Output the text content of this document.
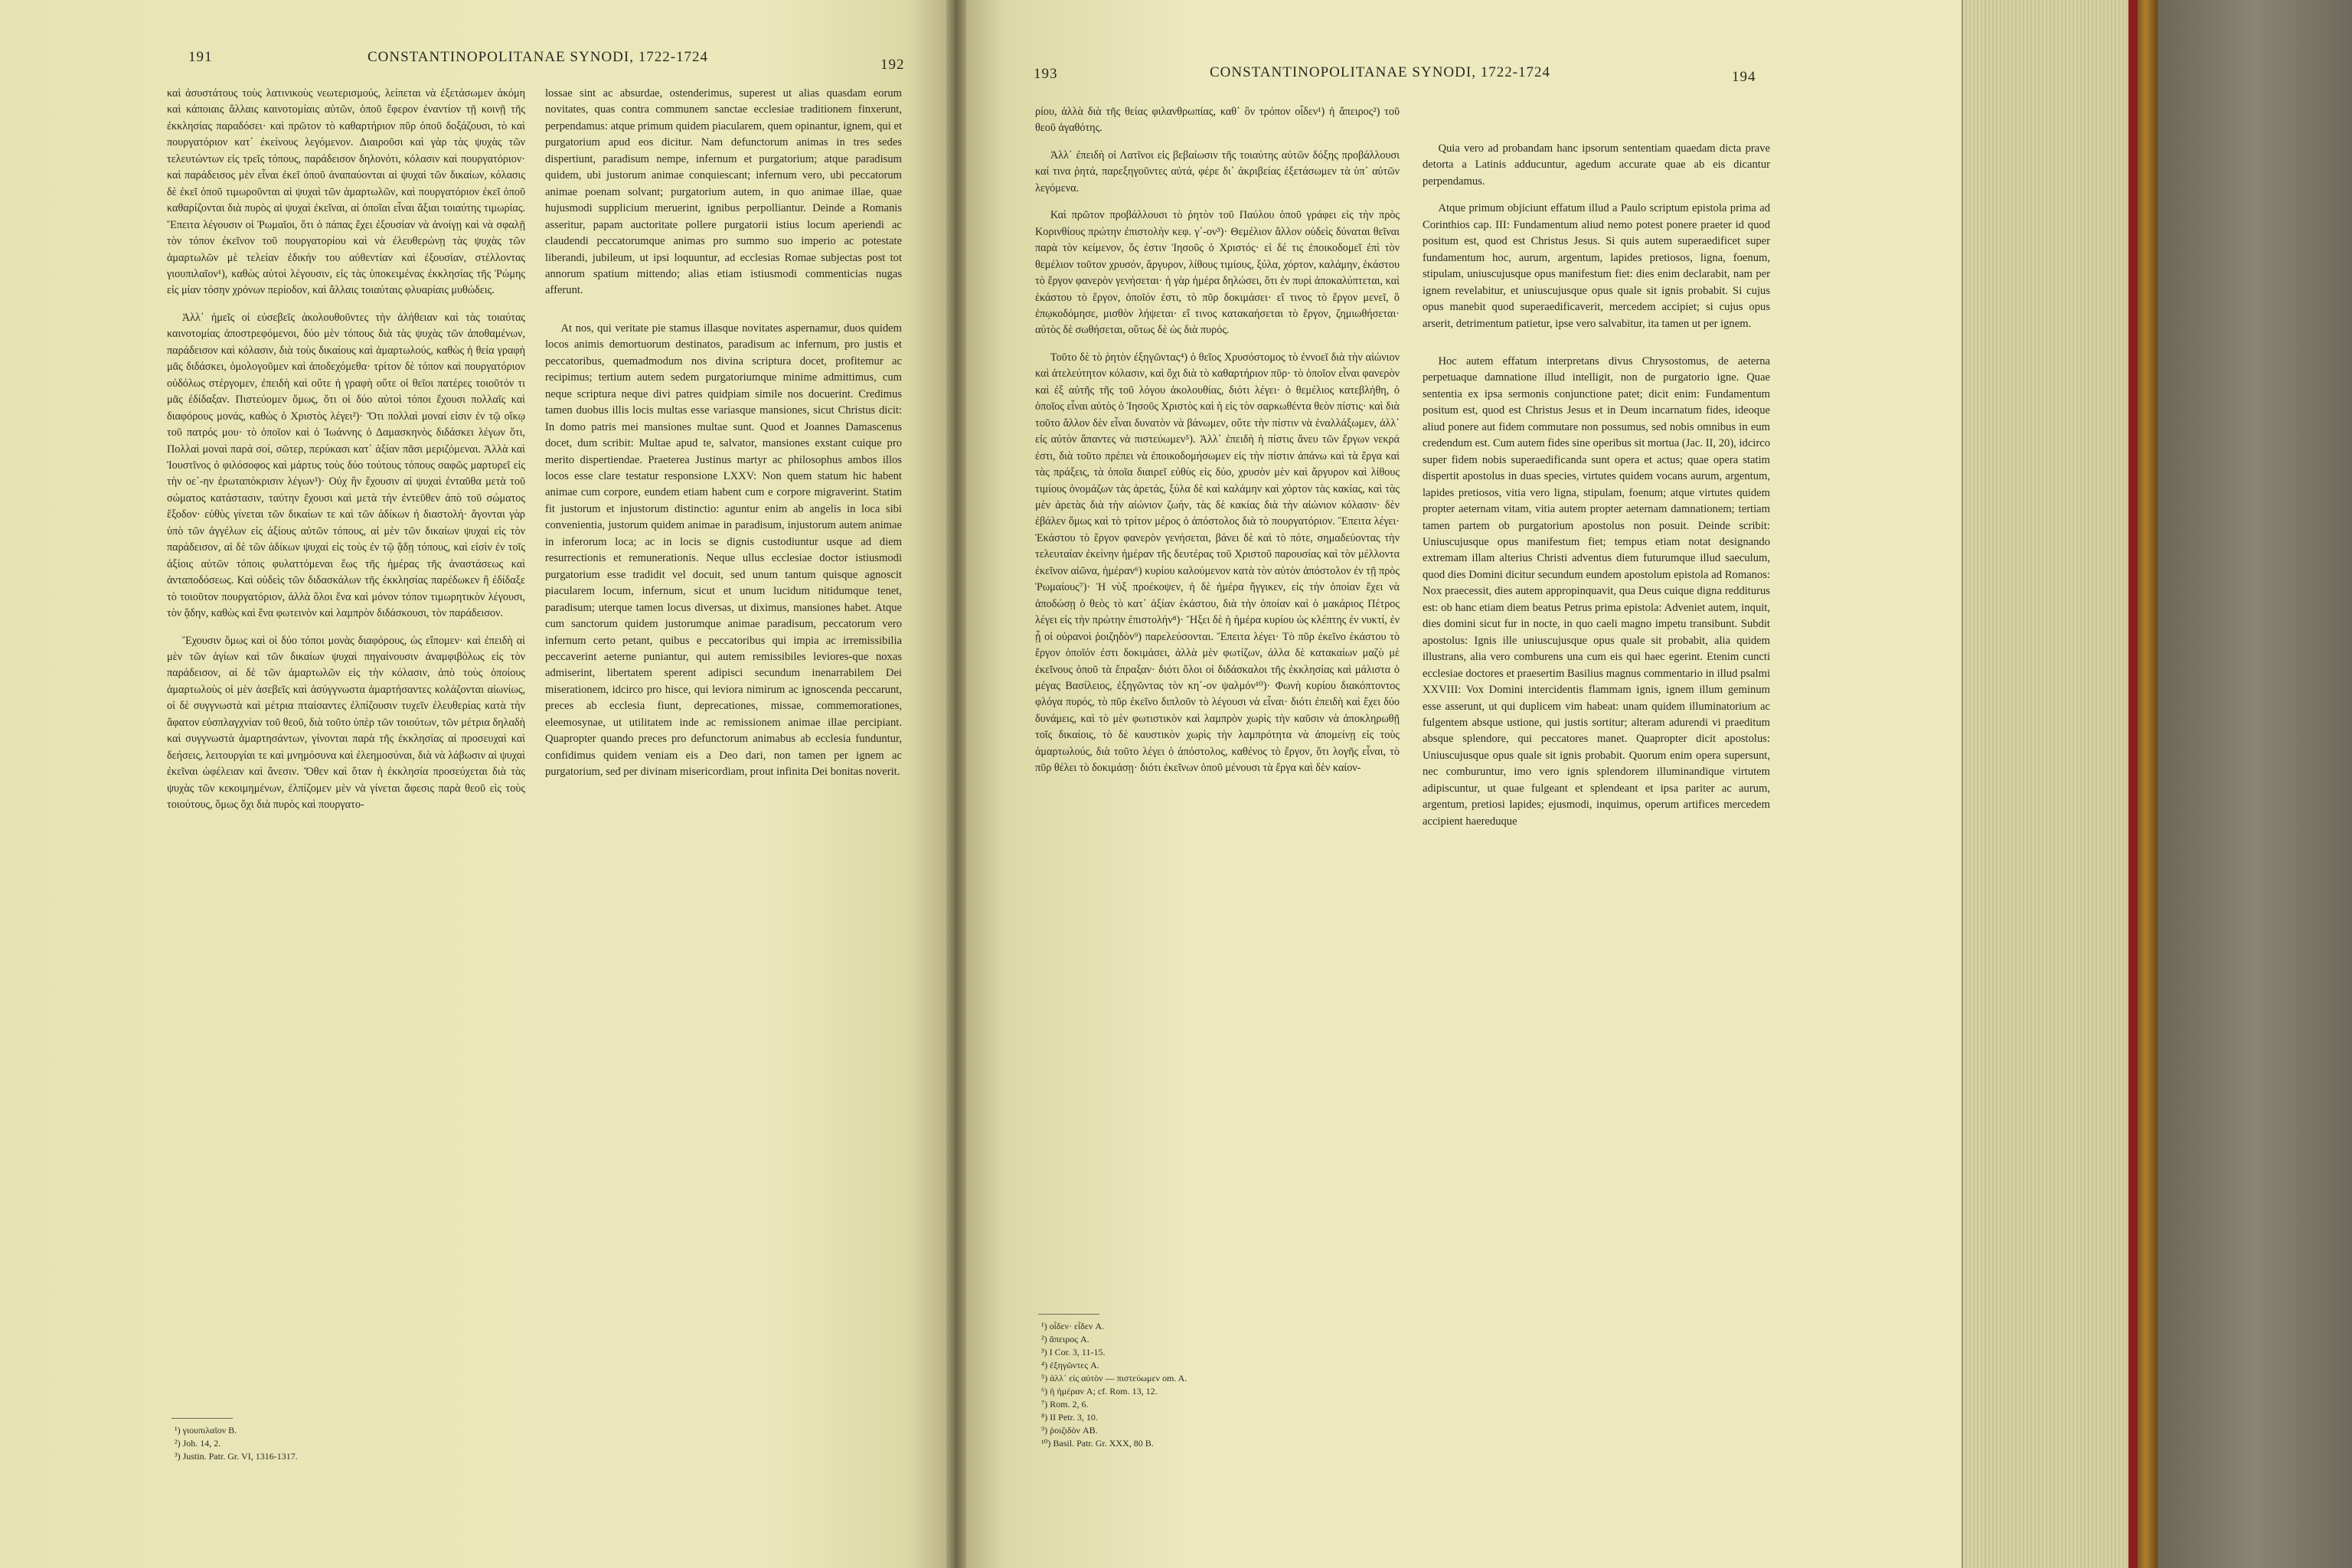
191	CONSTANTINOPOLITANAE SYNODI, 1722-1724	192

καὶ ἀσυστάτους τοὺς λατινικοὺς νεωτερισμούς, λείπεται νὰ ἐξετάσωμεν ἀκόμη καὶ κάποιαις ἄλλαις καινοτομίαις αὐτῶν, ὁποῦ ἔφερον ἐναντίον τῇ κοινῇ τῆς ἐκκλησίας παραδόσει· καὶ πρῶτον τὸ καθαρτήριον πῦρ ὁποῦ δοξάζουσι, τὸ καὶ πουργατόριον κατ᾽ ἐκείνους λεγόμενον. Διαιροῦσι καὶ γὰρ τὰς ψυχὰς τῶν τελευτώντων εἰς τρεῖς τόπους, παράδεισον δηλονότι, κόλασιν καὶ πουργατόριον· καὶ παράδεισος μὲν εἶναι ἐκεῖ ὁποῦ ἀναπαύονται αἱ ψυχαὶ τῶν δικαίων, κόλασις δὲ ἐκεῖ ὁποῦ τιμωροῦνται αἱ ψυχαὶ τῶν ἁμαρτωλῶν, καὶ πουργατόριον ἐκεῖ ὁποῦ καθαρίζονται διὰ πυρὸς αἱ ψυχαὶ ἐκεῖναι, αἱ ὁποῖαι εἶναι ἄξιαι τοιαύτης τιμωρίας. Ἔπειτα λέγουσιν οἱ Ῥωμαῖοι, ὅτι ὁ πάπας ἔχει ἐξουσίαν νὰ ἀνοίγῃ καὶ νὰ σφαλῇ τὸν τόπον ἐκεῖνον τοῦ πουργατορίου καὶ νὰ ἐλευθερώνῃ τὰς ψυχὰς τῶν ἁμαρτωλῶν μὲ τελείαν ἐδικήν του αὐθεντίαν καὶ ἐξουσίαν, στέλλοντας γιουπιλαῖον¹), καθὼς αὐτοὶ λέγουσιν, εἰς τὰς ὑποκειμένας ἐκκλησίας τῆς Ῥώμης εἰς μίαν τόσην χρόνων περίοδον, καὶ ἄλλαις τοιαύταις φλυαρίαις μυθώδεις.

Ἀλλ᾽ ἡμεῖς οἱ εὐσεβεῖς ἀκολουθοῦντες τὴν ἀλήθειαν καὶ τὰς τοιαύτας καινοτομίας ἀποστρεφόμενοι, δύο μὲν τόπους διὰ τὰς ψυχὰς τῶν ἀποθαμένων, παράδεισον καὶ κόλασιν, διὰ τοὺς δικαίους καὶ ἁμαρτωλούς, καθὼς ἡ θεία γραφὴ μᾶς διδάσκει, ὁμολογοῦμεν καὶ ἀποδεχόμεθα· τρίτον δὲ τόπον καὶ πουργατόριον οὐδόλως στέργομεν, ἐπειδὴ καὶ οὔτε ἡ γραφὴ οὔτε οἱ θεῖοι πατέρες τοιοῦτόν τι μᾶς ἐδίδαξαν. Πιστεύομεν ὅμως, ὅτι οἱ δύο αὐτοὶ τόποι ἔχουσι πολλαῖς καὶ διαφόρους μονάς, καθὼς ὁ Χριστὸς λέγει²)· Ὅτι πολλαὶ μοναί εἰσιν ἐν τῷ οἴκῳ τοῦ πατρός μου· τὸ ὁποῖον καὶ ὁ Ἰωάννης ὁ Δαμασκηνὸς διδάσκει λέγων ὅτι, Πολλαὶ μοναὶ παρά σοί, σῶτερ, περύκασι κατ᾽ ἀξίαν πᾶσι μεριζόμεναι. Ἀλλὰ καὶ Ἰουστῖνος ὁ φιλόσοφος καὶ μάρτυς τοὺς δύο τούτους τόπους σαφῶς μαρτυρεῖ εἰς τὴν οε᾽-ην ἐρωταπόκρισιν λέγων³)· Οὐχ ἣν ἔχουσιν αἱ ψυχαὶ ἐνταῦθα μετὰ τοῦ σώματος κατάστασιν, ταύτην ἔχουσι καὶ μετὰ τὴν ἐντεῦθεν ἀπὸ τοῦ σώματος ἔξοδον· εὐθὺς γίνεται τῶν δικαίων τε καὶ τῶν ἀδίκων ἡ διαστολή· ἄγονται γὰρ ὑπὸ τῶν ἀγγέλων εἰς ἀξίους αὐτῶν τόπους, αἱ μὲν τῶν δικαίων ψυχαὶ εἰς τὸν παράδεισον, αἱ δὲ τῶν ἀδίκων ψυχαὶ εἰς τοὺς ἐν τῷ ᾅδῃ τόπους, καὶ εἰσὶν ἐν τοῖς ἀξίοις αὐτῶν τόποις φυλαττόμεναι ἕως τῆς ἡμέρας τῆς ἀναστάσεως καὶ ἀνταποδόσεως. Καὶ οὐδεὶς τῶν διδασκάλων τῆς ἐκκλησίας παρέδωκεν ἢ ἐδίδαξε τὸ τοιοῦτον πουργατόριον, ἀλλὰ ὅλοι ἕνα καὶ μόνον τόπον τιμωρητικὸν λέγουσι, τὸν ᾅδην, καθὼς καὶ ἕνα φωτεινὸν καὶ λαμπρὸν διδάσκουσι, τὸν παράδεισον.

Ἔχουσιν ὅμως καὶ οἱ δύο τόποι μονὰς διαφόρους, ὡς εἴπομεν· καὶ ἐπειδὴ αἱ μὲν τῶν ἁγίων καὶ τῶν δικαίων ψυχαὶ πηγαίνουσιν ἀναμφιβόλως εἰς τὸν παράδεισον, αἱ δὲ τῶν ἁμαρτωλῶν εἰς τὴν κόλασιν, ἀπὸ τοὺς ὁποίους ἁμαρτωλοὺς οἱ μὲν ἀσεβεῖς καὶ ἀσύγγνωστα ἁμαρτήσαντες κολάζονται αἰωνίως, οἱ δὲ συγγνωστὰ καὶ μέτρια πταίσαντες ἐλπίζουσιν τυχεῖν ἐλευθερίας κατὰ τὴν ἄφατον εὐσπλαγχνίαν τοῦ θεοῦ, διὰ τοῦτο ὑπὲρ τῶν τοιούτων, τῶν μέτρια δηλαδὴ καὶ συγγνωστὰ ἁμαρτησάντων, γίνονται παρὰ τῆς ἐκκλησίας αἱ προσευχαὶ καὶ δεήσεις, λειτουργίαι τε καὶ μνημόσυνα καὶ ἐλεημοσύναι, διὰ νὰ λάβωσιν αἱ ψυχαὶ ἐκεῖναι ὠφέλειαν καὶ ἄνεσιν. Ὅθεν καὶ ὅταν ἡ ἐκκλησία προσεύχεται διὰ τὰς ψυχὰς τῶν κεκοιμημένων, ἐλπίζομεν μὲν νὰ γίνεται ἄφεσις παρὰ θεοῦ εἰς τοὺς τοιούτους, ὅμως ὄχι διὰ πυρὸς καὶ πουργατο-

lossae sint ac absurdae, ostenderimus, superest ut alias quasdam eorum novitates, quas contra communem sanctae ecclesiae traditionem finxerunt, perpendamus: atque primum quidem piacularem, quem opinantur, ignem, qui et purgatorium apud eos dicitur. Nam defunctorum animas in tres sedes dispertiunt, paradisum nempe, infernum et purgatorium; atque paradisum quidem, ubi justorum animae conquiescant; infernum vero, ubi peccatorum animae poenam solvant; purgatorium autem, in quo animae illae, quae hujusmodi supplicium meruerint, ignibus perpolliantur. Deinde a Romanis asseritur, papam auctoritate pollere purgatorii istius locum aperiendi ac claudendi peccatorumque animas pro summo suo imperio ac potestate liberandi, jubileum, ut ipsi loquuntur, ad ecclesias Romae subjectas post tot annorum spatium mittendo; alias etiam istiusmodi commenticias nugas afferunt.

At nos, qui veritate pie stamus illasque novitates aspernamur, duos quidem locos animis demortuorum destinatos, paradisum ac infernum, pro justis et peccatoribus, quemadmodum nos divina scriptura docet, profitemur ac recipimus; tertium autem sedem purgatoriumque minime admittimus, cum neque scriptura neque divi patres quidpiam simile nos docuerint. Credimus tamen duobus illis locis multas esse variasque mansiones, sicut Christus dicit: In domo patris mei mansiones multae sunt. Quod et Joannes Damascenus docet, dum scribit: Multae apud te, salvator, mansiones exstant cuique pro merito dispertiendae. Praeterea Justinus martyr ac philosophus ambos illos locos esse clare testatur responsione LXXV: Non quem statum hic habent animae cum corpore, eundem etiam habent cum e corpore migraverint. Statim fit justorum et injustorum distinctio: aguntur enim ab angelis in loca sibi convenientia, justorum quidem animae in paradisum, injustorum autem animae in inferorum loca; ac in locis se dignis custodiuntur usque ad diem resurrectionis et remunerationis. Neque ullus ecclesiae doctor istiusmodi purgatorium esse tradidit vel docuit, sed unum tantum quisque agnoscit piacularem locum, infernum, sicut et unum lucidum nitidumque tenet, paradisum; uterque tamen locus diversas, ut diximus, mansiones habet. Atque cum sanctorum quidem justorumque animae paradisum, peccatorum vero infernum certo petant, quibus e peccatoribus qui impia ac irremissibilia peccaverint aeterne puniantur, qui autem remissibiles leviores-que noxas admiserint, libertatem sperent adipisci secundum inenarrabilem Dei miserationem, idcirco pro hisce, qui leviora nimirum ac ignoscenda peccarunt, preces ab ecclesia fiunt, deprecationes, missae, commemorationes, eleemosynae, ut utilitatem inde ac remissionem animae illae percipiant. Quapropter quando preces pro defunctorum animabus ab ecclesia funduntur, confidimus quidem veniam eis a Deo dari, non tamen per ignem ac purgatorium, sed per divinam misericordiam, prout infinita Dei bonitas noverit.

¹) γιουπιλαῖον B.
²) Joh. 14, 2.
³) Justin. Patr. Gr. VI, 1316-1317.
193	CONSTANTINOPOLITANAE SYNODI, 1722-1724	194

ρίου, ἀλλὰ διὰ τῆς θείας φιλανθρωπίας, καθ᾽ ὃν τρόπον οἶδεν¹) ἡ ἄπειρος²) τοῦ θεοῦ ἀγαθότης.

Ἀλλ᾽ ἐπειδὴ οἱ Λατῖνοι εἰς βεβαίωσιν τῆς τοιαύτης αὐτῶν δόξης προβάλλουσι καί τινα ῥητά, παρεξηγοῦντες αὐτά, φέρε δι᾽ ἀκριβείας ἐξετάσωμεν τὰ ὑπ᾽ αὐτῶν λεγόμενα.

Καὶ πρῶτον προβάλλουσι τὸ ῥητὸν τοῦ Παύλου ὁποῦ γράφει εἰς τὴν πρὸς Κορινθίους πρώτην ἐπιστολὴν κεφ. γ᾽-ον³)· Θεμέλιον ἄλλον οὐδεὶς δύναται θεῖναι παρὰ τὸν κείμενον, ὅς ἐστιν Ἰησοῦς ὁ Χριστός· εἰ δέ τις ἐποικοδομεῖ ἐπὶ τὸν θεμέλιον τοῦτον χρυσόν, ἄργυρον, λίθους τιμίους, ξύλα, χόρτον, καλάμην, ἑκάστου τὸ ἔργον φανερὸν γενήσεται· ἡ γὰρ ἡμέρα δηλώσει, ὅτι ἐν πυρὶ ἀποκαλύπτεται, καὶ ἑκάστου τὸ ἔργον, ὁποῖόν ἐστι, τὸ πῦρ δοκιμάσει· εἴ τινος τὸ ἔργον μενεῖ, ὃ ἐπῳκοδόμησε, μισθὸν λήψεται· εἴ τινος κατακαήσεται τὸ ἔργον, ζημιωθήσεται· αὐτὸς δὲ σωθήσεται, οὕτως δὲ ὡς διὰ πυρός.

Τοῦτο δὲ τὸ ῥητὸν ἐξηγῶντας⁴) ὁ θεῖος Χρυσόστομος τὸ ἐννοεῖ διὰ τὴν αἰώνιον καὶ ἀτελεύτητον κόλασιν, καὶ ὄχι διὰ τὸ καθαρτήριον πῦρ· τὸ ὁποῖον εἶναι φανερὸν καὶ ἐξ αὐτῆς τῆς τοῦ λόγου ἀκολουθίας, διότι λέγει· ὁ θεμέλιος κατεβλήθη, ὁ ὁποῖος εἶναι αὐτὸς ὁ Ἰησοῦς Χριστὸς καὶ ἡ εἰς τὸν σαρκωθέντα θεὸν πίστις· καὶ διὰ τοῦτο ἄλλον δὲν εἶναι δυνατὸν νὰ βάνωμεν, οὔτε τὴν πίστιν νὰ ἐναλλάξωμεν, ἀλλ᾽ εἰς αὐτὸν ἅπαντες νὰ πιστεύωμεν⁵). Ἀλλ᾽ ἐπειδὴ ἡ πίστις ἄνευ τῶν ἔργων νεκρά ἐστι, διὰ τοῦτο πρέπει νὰ ἐποικοδομήσωμεν εἰς τὴν πίστιν ἀπάνω καὶ τὰ ἔργα καὶ τὰς πράξεις, τὰ ὁποῖα διαιρεῖ εὐθὺς εἰς δύο, χρυσὸν μὲν καὶ ἄργυρον καὶ λίθους τιμίους ὀνομάζων τὰς ἀρετάς, ξύλα δὲ καὶ καλάμην καὶ χόρτον τὰς κακίας, καὶ τὰς μὲν ἀρετὰς διὰ τὴν αἰώνιον ζωήν, τὰς δὲ κακίας διὰ τὴν αἰώνιον κόλασιν· δὲν ἐβάλεν ὅμως καὶ τὸ τρίτον μέρος ὁ ἀπόστολος διὰ τὸ πουργατόριον. Ἔπειτα λέγει· Ἑκάστου τὸ ἔργον φανερὸν γενήσεται, βάνει δὲ καὶ τὸ πότε, σημαδεύοντας τὴν τελευταίαν ἐκείνην ἡμέραν τῆς δευτέρας τοῦ Χριστοῦ παρουσίας καὶ τὸν μέλλοντα ἐκεῖνον αἰῶνα, ἡμέραν⁶) κυρίου καλούμενον κατὰ τὸν αὐτὸν ἀπόστολον ἐν τῇ πρὸς Ῥωμαίους⁷)· Ἡ νὺξ προέκοψεν, ἡ δὲ ἡμέρα ἤγγικεν, εἰς τὴν ὁποίαν ἔχει νὰ ἀποδώσῃ ὁ θεὸς τὸ κατ᾽ ἀξίαν ἑκάστου, διὰ τὴν ὁποίαν καὶ ὁ μακάριος Πέτρος λέγει εἰς τὴν πρώτην ἐπιστολήν⁸)· Ἥξει δὲ ἡ ἡμέρα κυρίου ὡς κλέπτης ἐν νυκτί, ἐν ᾗ οἱ οὐρανοὶ ῥοιζηδὸν⁹) παρελεύσονται. Ἔπειτα λέγει· Τὸ πῦρ ἐκεῖνο ἑκάστου τὸ ἔργον ὁποῖόν ἐστι δοκιμάσει, ἀλλὰ μὲν φωτίζων, ἀλλα δὲ κατακαίων μαζὺ μὲ ἐκεῖνους ὁποῦ τὰ ἔπραξαν· διότι ὅλοι οἱ διδάσκαλοι τῆς ἐκκλησίας καὶ μάλιστα ὁ μέγας Βασίλειος, ἐξηγῶντας τὸν κη᾽-ον ψαλμόν¹⁰)· Φωνὴ κυρίου διακόπτοντος φλόγα πυρός, τὸ πῦρ ἐκεῖνο διπλοῦν τὸ λέγουσι νὰ εἶναι· διότι ἐπειδὴ καὶ ἔχει δύο δυνάμεις, καὶ τὸ μὲν φωτιστικὸν καὶ λαμπρὸν χωρὶς τὴν καῦσιν νὰ ἀποκληρωθῇ τοῖς δικαίοις, τὸ δὲ καυστικὸν χωρὶς τὴν λαμπρότητα νὰ ἀπομείνῃ εἰς τοὺς ἁμαρτωλούς, διὰ τοῦτο λέγει ὁ ἀπόστολος, καθένος τὸ ἔργον, ὅτι λογῆς εἶναι, τὸ πῦρ θέλει τὸ δοκιμάσῃ· διότι ἐκεῖνων ὁποῦ μένουσι τὰ ἔργα καὶ δὲν καίον-

Quia vero ad probandam hanc ipsorum sententiam quaedam dicta prave detorta a Latinis adducuntur, agedum accurate quae ab eis dicantur perpendamus.

Atque primum objiciunt effatum illud a Paulo scriptum epistola prima ad Corinthios cap. III: Fundamentum aliud nemo potest ponere praeter id quod positum est, quod est Christus Jesus. Si quis autem superaedificet super fundamentum hoc, aurum, argentum, lapides pretiosos, ligna, foenum, stipulam, uniuscujusque opus manifestum fiet: dies enim declarabit, nam per ignem revelabitur, et uniuscujusque opus quale sit ignis probabit. Si cujus opus manebit quod superaedificaverit, mercedem accipiet; si cujus opus arserit, detrimentum patietur, ipse vero salvabitur, ita tamen ut per ignem.

Hoc autem effatum interpretans divus Chrysostomus, de aeterna perpetuaque damnatione illud intelligit, non de purgatorio igne. Quae sententia ex ipsa sermonis conjunctione patet; dicit enim: Fundamentum positum est, quod est Christus Jesus et in Deum incarnatum fides, ideoque aliud ponere aut fidem commutare non possumus, sed nobis omnibus in eum credendum est. Cum autem fides sine operibus sit mortua (Jac. II, 20), idcirco super fidem nobis superaedificanda sunt opera et actus; quae opera statim dispertit apostolus in duas species, virtutes quidem vocans aurum, argentum, lapides pretiosos, vitia vero ligna, stipulam, foenum; atque virtutes quidem propter aeternam vitam, vitia autem propter aeternam damnationem; tertiam tamen partem ob purgatorium apostolus non posuit. Deinde scribit: Uniuscujusque opus manifestum fiet; tempus etiam notat designando extremam illam alterius Christi adventus diem futurumque illud saeculum, quod dies Domini dicitur secundum eundem apostolum epistola ad Romanos: Nox praecessit, dies autem appropinquavit, qua Deus cuique digna redditurus est: ob hanc etiam diem beatus Petrus prima epistola: Adveniet autem, inquit, dies domini sicut fur in nocte, in quo caeli magno impetu transibunt. Subdit apostolus: Ignis ille uniuscujusque opus quale sit probabit, alia quidem illustrans, alia vero comburens una cum eis qui haec egerint. Etenim cuncti ecclesiae doctores et praesertim Basilius magnus commentario in illud psalmi XXVIII: Vox Domini intercidentis flammam ignis, ignem illum geminum esse asserunt, ut qui duplicem vim habeat: unam quidem illuminatorium ac fulgentem absque ustione, qui justis sortitur; alteram adurendi vi praeditum absque splendore, qui peccatores manet. Quapropter dicit apostolus: Uniuscujusque opus quale sit ignis probabit. Quorum enim opera supersunt, nec comburuntur, imo vero ignis splendorem illuminandique virtutem adipiscuntur, ut quae fulgeant et splendeant et ipsa pariter ac aurum, argentum, pretiosi lapides; ejusmodi, inquimus, operum artifices mercedem accipient haereduque

¹) οἶδεν· εἶδεν A.
²) ἄπειρος A.
³) I Cor. 3, 11-15.
⁴) ἐξηγῶντες A.
⁵) ἀλλ᾽ εἰς αὐτὸν — πιστεύωμεν om. A.
⁶) ἡ ἡμέραν A; cf. Rom. 13, 12.
⁷) Rom. 2, 6.
⁸) II Petr. 3, 10.
⁹) ῥοιζιδὸν AB.
¹⁰) Basil. Patr. Gr. XXX, 80 B.
